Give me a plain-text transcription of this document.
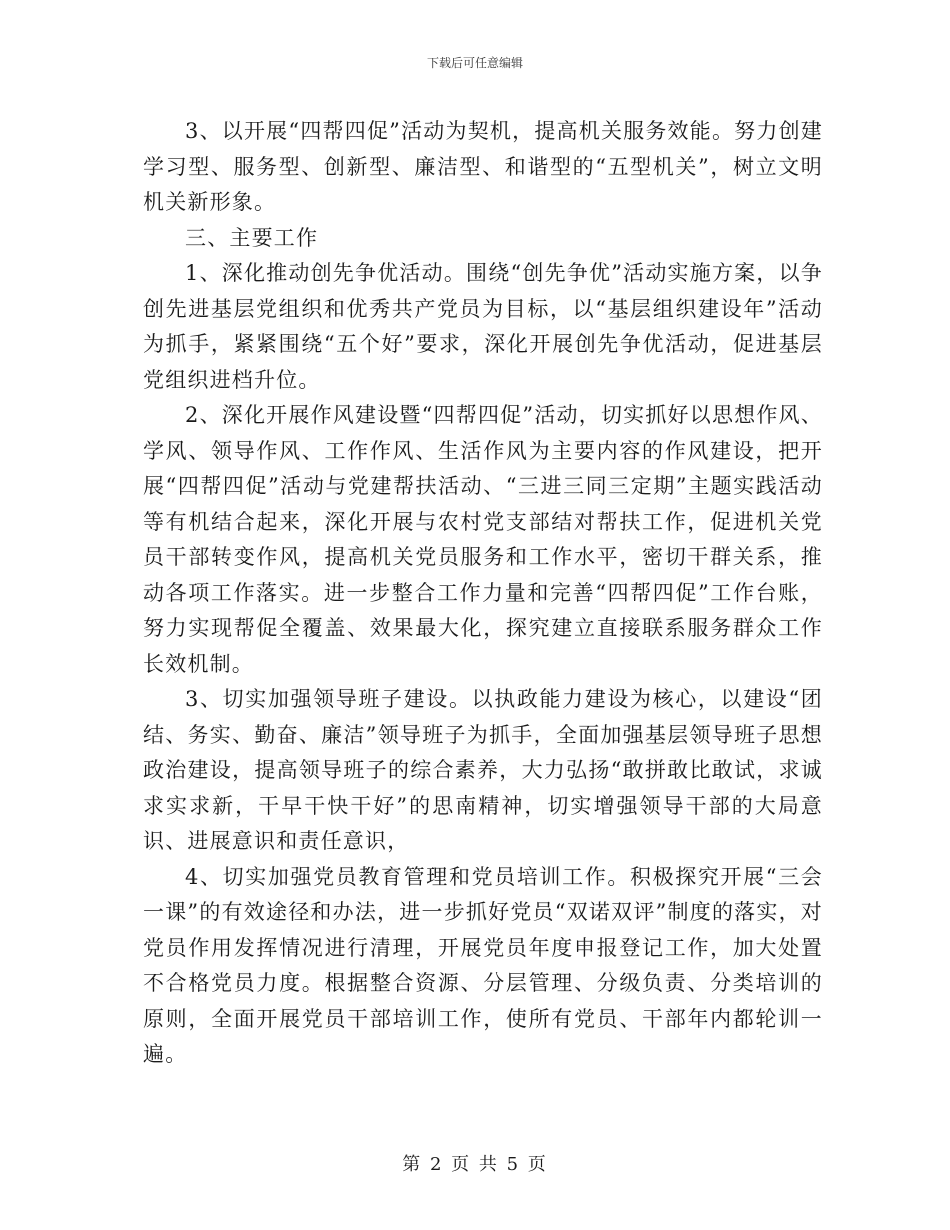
下载后可任意编辑

3、以开展“四帮四促”活动为契机，提高机关服务效能。努力创建学习型、服务型、创新型、廉洁型、和谐型的“五型机关”，树立文明机关新形象。

三、主要工作

1、深化推动创先争优活动。围绕“创先争优”活动实施方案，以争创先进基层党组织和优秀共产党员为目标，以“基层组织建设年”活动为抓手，紧紧围绕“五个好”要求，深化开展创先争优活动，促进基层党组织进档升位。

2、深化开展作风建设暨“四帮四促”活动，切实抓好以思想作风、学风、领导作风、工作作风、生活作风为主要内容的作风建设，把开展“四帮四促”活动与党建帮扶活动、“三进三同三定期”主题实践活动等有机结合起来，深化开展与农村党支部结对帮扶工作，促进机关党员干部转变作风，提高机关党员服务和工作水平，密切干群关系，推动各项工作落实。进一步整合工作力量和完善“四帮四促”工作台账，努力实现帮促全覆盖、效果最大化，探究建立直接联系服务群众工作长效机制。

3、切实加强领导班子建设。以执政能力建设为核心，以建设“团结、务实、勤奋、廉洁”领导班子为抓手，全面加强基层领导班子思想政治建设，提高领导班子的综合素养，大力弘扬“敢拼敢比敢试，求诚求实求新，干早干快干好”的思南精神，切实增强领导干部的大局意识、进展意识和责任意识，

4、切实加强党员教育管理和党员培训工作。积极探究开展“三会一课”的有效途径和办法，进一步抓好党员“双诺双评”制度的落实，对党员作用发挥情况进行清理，开展党员年度申报登记工作，加大处置不合格党员力度。根据整合资源、分层管理、分级负责、分类培训的原则，全面开展党员干部培训工作，使所有党员、干部年内都轮训一遍。

第 2 页 共 5 页
